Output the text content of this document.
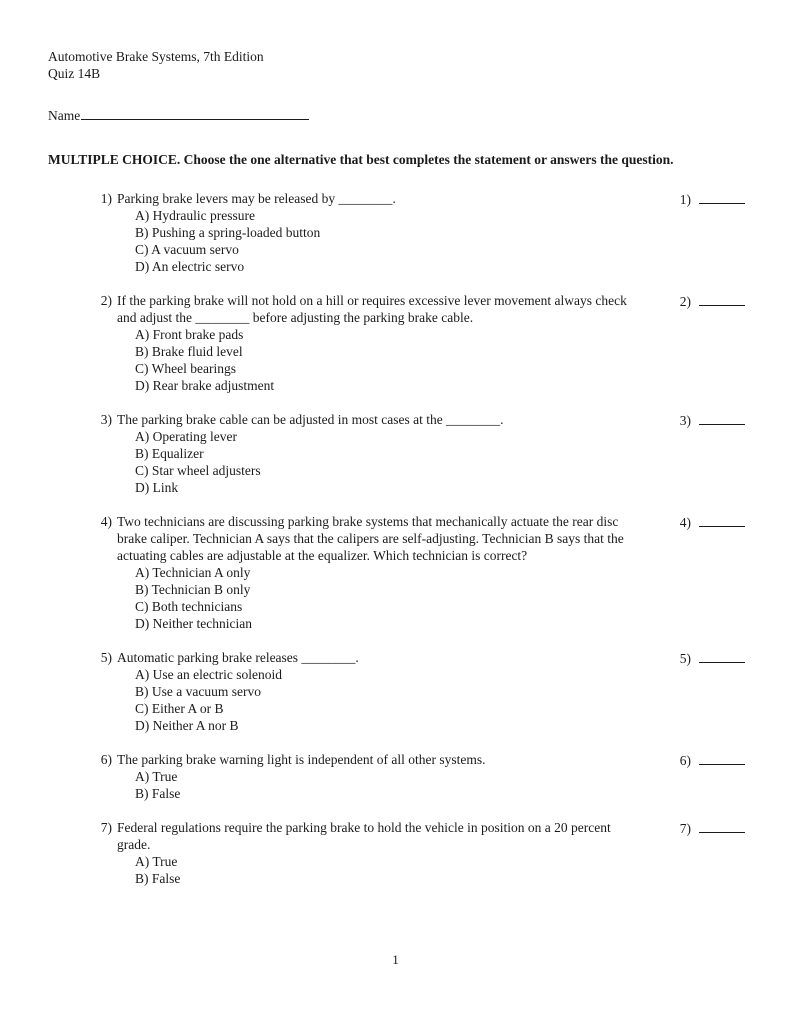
Automotive Brake Systems, 7th Edition
Quiz 14B
Name
MULTIPLE CHOICE. Choose the one alternative that best completes the statement or answers the question.
1) Parking brake levers may be released by ________.
A) Hydraulic pressure
B) Pushing a spring-loaded button
C) A vacuum servo
D) An electric servo
1)
2) If the parking brake will not hold on a hill or requires excessive lever movement always check and adjust the ________ before adjusting the parking brake cable.
A) Front brake pads
B) Brake fluid level
C) Wheel bearings
D) Rear brake adjustment
2)
3) The parking brake cable can be adjusted in most cases at the ________.
A) Operating lever
B) Equalizer
C) Star wheel adjusters
D) Link
3)
4) Two technicians are discussing parking brake systems that mechanically actuate the rear disc brake caliper. Technician A says that the calipers are self-adjusting. Technician B says that the actuating cables are adjustable at the equalizer. Which technician is correct?
A) Technician A only
B) Technician B only
C) Both technicians
D) Neither technician
4)
5) Automatic parking brake releases ________.
A) Use an electric solenoid
B) Use a vacuum servo
C) Either A or B
D) Neither A nor B
5)
6) The parking brake warning light is independent of all other systems.
A) True
B) False
6)
7) Federal regulations require the parking brake to hold the vehicle in position on a 20 percent grade.
A) True
B) False
7)
1
